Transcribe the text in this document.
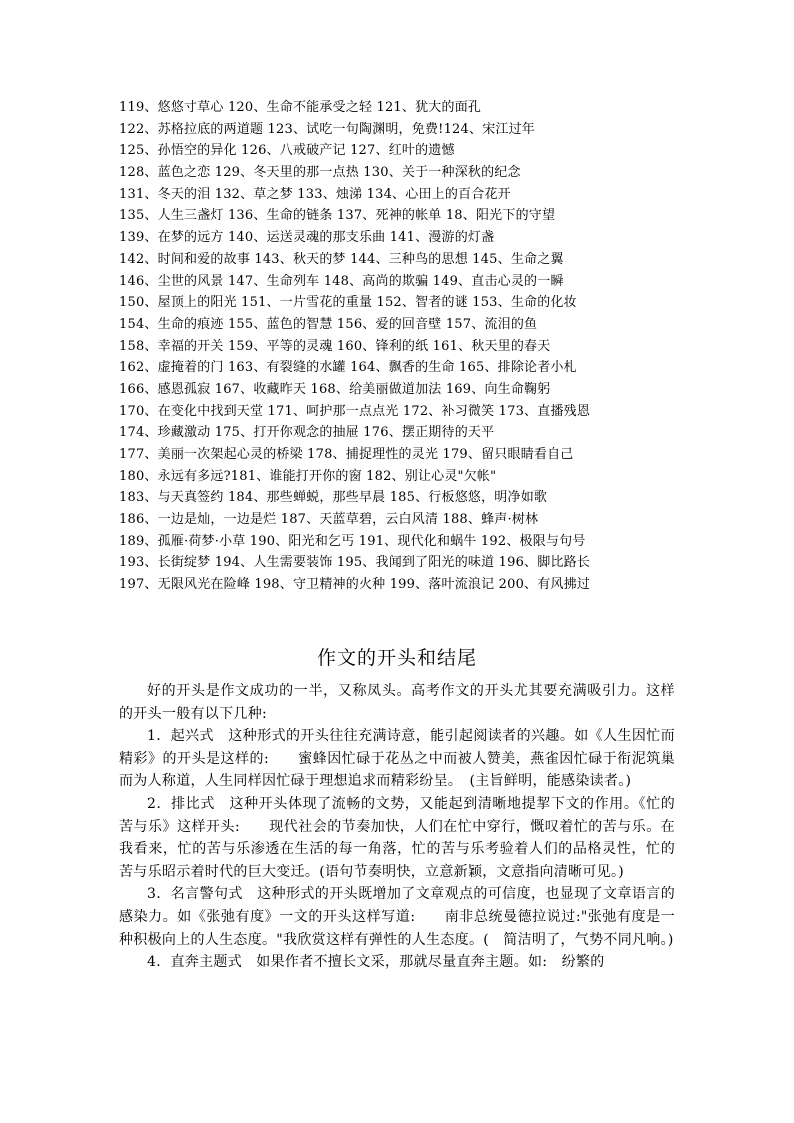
119、悠悠寸草心 120、生命不能承受之轻 121、犹大的面孔
122、苏格拉底的两道题 123、试吃一句陶渊明，免费!124、宋江过年
125、孙悟空的异化 126、八戒破产记 127、红叶的遗憾
128、蓝色之恋 129、冬天里的那一点热 130、关于一种深秋的纪念
131、冬天的泪 132、草之梦 133、烛涕 134、心田上的百合花开
135、人生三盏灯 136、生命的链条 137、死神的帐单 18、阳光下的守望
139、在梦的远方 140、运送灵魂的那支乐曲 141、漫游的灯盏
142、时间和爱的故事 143、秋天的梦 144、三种鸟的思想 145、生命之翼
146、尘世的风景 147、生命列车 148、高尚的欺骗 149、直击心灵的一瞬
150、屋顶上的阳光 151、一片雪花的重量 152、智者的谜 153、生命的化妆
154、生命的痕迹 155、蓝色的智慧 156、爱的回音壁 157、流泪的鱼
158、幸福的开关 159、平等的灵魂 160、锋利的纸 161、秋天里的春天
162、虚掩着的门 163、有裂缝的水罐 164、飘香的生命 165、排除论者小札
166、感恩孤寂 167、收藏昨天 168、给美丽做道加法 169、向生命鞠躬
170、在变化中找到天堂 171、呵护那一点点光 172、补习微笑 173、直播残恩
174、珍藏激动 175、打开你观念的抽屉 176、摆正期待的天平
177、美丽一次架起心灵的桥梁 178、捕捉理性的灵光 179、留只眼睛看自己
180、永远有多远?181、谁能打开你的窗 182、别让心灵"欠帐"
183、与天真签约 184、那些蝉蜕，那些早晨 185、行板悠悠，明净如歌
186、一边是灿，一边是烂 187、天蓝草碧，云白风清 188、蜂声·树林
189、孤雁·荷梦·小草 190、阳光和乞丐 191、现代化和蜗牛 192、极限与句号
193、长街绽梦 194、人生需要装饰 195、我闻到了阳光的味道 196、脚比路长
197、无限风光在险峰 198、守卫精神的火种 199、落叶流浪记 200、有风拂过
作文的开头和结尾

好的开头是作文成功的一半，又称凤头。高考作文的开头尤其要充满吸引力。这样的开头一般有以下几种:

1．起兴式　这种形式的开头往往充满诗意，能引起阅读者的兴趣。如《人生因忙而精彩》的开头是这样的:　　蜜蜂因忙碌于花丛之中而被人赞美，燕雀因忙碌于衔泥筑巢而为人称道，人生同样因忙碌于理想追求而精彩纷呈。　(主旨鲜明，能感染读者。)

2．排比式　这种开头体现了流畅的文势，又能起到清晰地提挈下文的作用。《忙的苦与乐》这样开头:　　现代社会的节奏加快，人们在忙中穿行，慨叹着忙的苦与乐。在我看来，忙的苦与乐渗透在生活的每一角落，忙的苦与乐考验着人们的品格灵性，忙的苦与乐昭示着时代的巨大变迁。(语句节奏明快，立意新颖，文意指向清晰可见。)

3．名言警句式　这种形式的开头既增加了文章观点的可信度，也显现了文章语言的感染力。如《张弛有度》一文的开头这样写道:　　南非总统曼德拉说过:"张弛有度是一种积极向上的人生态度。"我欣赏这样有弹性的人生态度。(　简洁明了，气势不同凡响。)

4．直奔主题式　如果作者不擅长文采，那就尽量直奔主题。如:　纷繁的
